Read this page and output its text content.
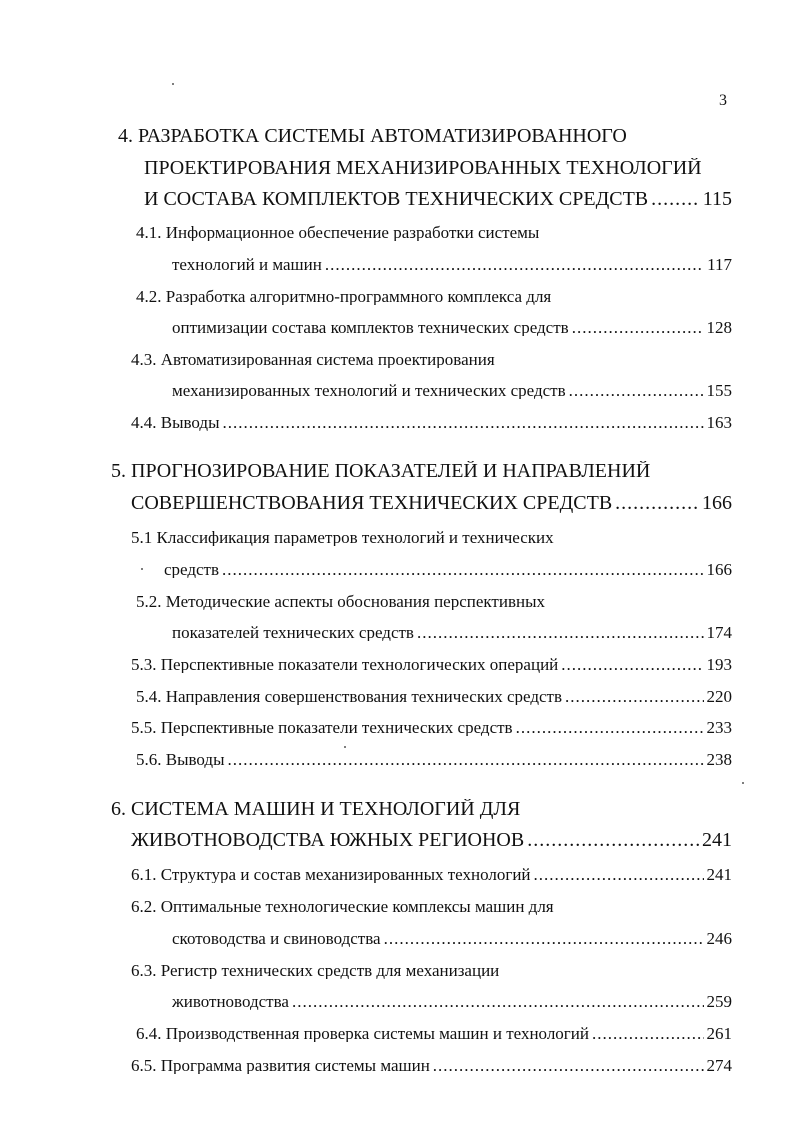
3
4. РАЗРАБОТКА СИСТЕМЫ АВТОМАТИЗИРОВАННОГО
ПРОЕКТИРОВАНИЯ МЕХАНИЗИРОВАННЫХ ТЕХНОЛОГИЙ
И СОСТАВА КОМПЛЕКТОВ ТЕХНИЧЕСКИХ СРЕДСТВ .....	115
4.1. Информационное обеспечение разработки системы
технологий и машин .....	117
4.2. Разработка алгоритмно-программного комплекса для
оптимизации состава комплектов технических средств .....	128
4.3. Автоматизированная система проектирования
механизированных технологий и технических средств .....	155
4.4. Выводы .....	163
5. ПРОГНОЗИРОВАНИЕ ПОКАЗАТЕЛЕЙ И НАПРАВЛЕНИЙ
СОВЕРШЕНСТВОВАНИЯ ТЕХНИЧЕСКИХ СРЕДСТВ .....	166
5.1 Классификация параметров технологий и технических
средств .....	166
5.2. Методические аспекты обоснования перспективных
показателей технических средств .....	174
5.3. Перспективные показатели технологических операций .....	193
5.4. Направления совершенствования технических средств .....	220
5.5. Перспективные показатели технических средств .....	233
5.6. Выводы .....	238
6. СИСТЕМА МАШИН И ТЕХНОЛОГИЙ ДЛЯ
ЖИВОТНОВОДСТВА ЮЖНЫХ РЕГИОНОВ .....	241
6.1. Структура и состав механизированных технологий .....	241
6.2. Оптимальные технологические комплексы машин для
скотоводства и свиноводства .....	246
6.3. Регистр технических средств для механизации
животноводства .....	259
6.4. Производственная проверка системы машин и технологий .....	261
6.5. Программа развития системы машин .....	274
